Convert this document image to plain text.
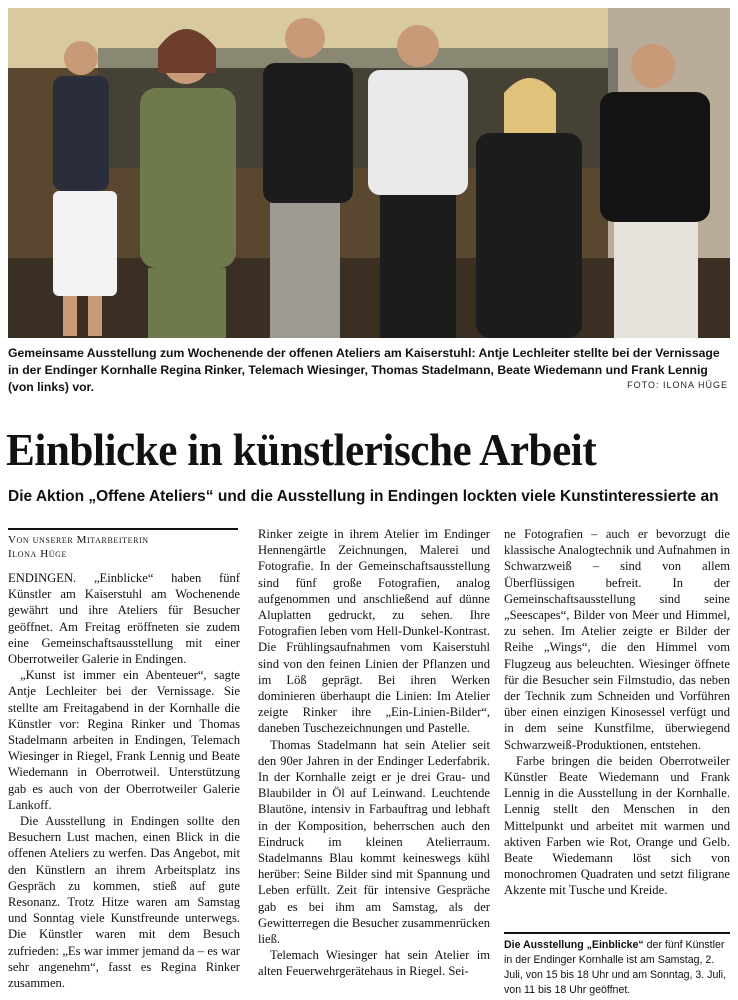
Gemeinsame Ausstellung zum Wochenende der offenen Ateliers am Kaiserstuhl: Antje Lechleiter stellte bei der Vernissage in der Endinger Kornhalle Regina Rinker, Telemach Wiesinger, Thomas Stadelmann, Beate Wiedemann und Frank Lennig (von links) vor.	FOTO: ILONA HÜGE
Einblicke in künstlerische Arbeit
Die Aktion „Offene Ateliers“ und die Ausstellung in Endingen lockten viele Kunstinteressierte an
Von unserer Mitarbeiterin
Ilona Hüge

ENDINGEN. „Einblicke“ haben fünf Künstler am Kaiserstuhl am Wochenende gewährt und ihre Ateliers für Besucher geöffnet. Am Freitag eröffneten sie zudem eine Gemeinschaftsausstellung mit einer Oberrotweiler Galerie in Endingen.

„Kunst ist immer ein Abenteuer“, sagte Antje Lechleiter bei der Vernissage. Sie stellte am Freitagabend in der Kornhalle die Künstler vor: Regina Rinker und Thomas Stadelmann arbeiten in Endingen, Telemach Wiesinger in Riegel, Frank Lennig und Beate Wiedemann in Oberrotweil. Unterstützung gab es auch von der Oberrotweiler Galerie Lankoff.

Die Ausstellung in Endingen sollte den Besuchern Lust machen, einen Blick in die offenen Ateliers zu werfen. Das Angebot, mit den Künstlern an ihrem Arbeitsplatz ins Gespräch zu kommen, stieß auf gute Resonanz. Trotz Hitze waren am Samstag und Sonntag viele Kunstfreunde unterwegs. Die Künstler waren mit dem Besuch zufrieden: „Es war immer jemand da – es war sehr angenehm“, fasst es Regina Rinker zusammen.

Rinker zeigte in ihrem Atelier im Endinger Hennengärtle Zeichnungen, Malerei und Fotografie. In der Gemeinschaftsausstellung sind fünf große Fotografien, analog aufgenommen und anschließend auf dünne Aluplatten gedruckt, zu sehen. Ihre Fotografien leben vom Hell-Dunkel-Kontrast. Die Frühlingsaufnahmen vom Kaiserstuhl sind von den feinen Linien der Pflanzen und im Löß geprägt. Bei ihren Werken dominieren überhaupt die Linien: Im Atelier zeigte Rinker ihre „Ein-Linien-Bilder“, daneben Tuschezeichnungen und Pastelle.

Thomas Stadelmann hat sein Atelier seit den 90er Jahren in der Endinger Lederfabrik. In der Kornhalle zeigt er je drei Grau- und Blaubilder in Öl auf Leinwand. Leuchtende Blautöne, intensiv in Farbauftrag und lebhaft in der Komposition, beherrschen auch den Eindruck im kleinen Atelierraum. Stadelmanns Blau kommt keineswegs kühl herüber: Seine Bilder sind mit Spannung und Leben erfüllt. Zeit für intensive Gespräche gab es bei ihm am Samstag, als der Gewitterregen die Besucher zusammenrücken ließ.

Telemach Wiesinger hat sein Atelier im alten Feuerwehrgerätehaus in Riegel. Sei-

ne Fotografien – auch er bevorzugt die klassische Analogtechnik und Aufnahmen in Schwarzweiß – sind von allem Überflüssigen befreit. In der Gemeinschaftsausstellung sind seine „Seescapes“, Bilder von Meer und Himmel, zu sehen. Im Atelier zeigte er Bilder der Reihe „Wings“, die den Himmel vom Flugzeug aus beleuchten. Wiesinger öffnete für die Besucher sein Filmstudio, das neben der Technik zum Schneiden und Vorführen über einen einzigen Kinosessel verfügt und in dem seine Kunstfilme, überwiegend Schwarzweiß-Produktionen, entstehen.

Farbe bringen die beiden Oberrotweiler Künstler Beate Wiedemann und Frank Lennig in die Ausstellung in der Kornhalle. Lennig stellt den Menschen in den Mittelpunkt und arbeitet mit warmen und aktiven Farben wie Rot, Orange und Gelb. Beate Wiedemann löst sich von monochromen Quadraten und setzt filigrane Akzente mit Tusche und Kreide.

Die Ausstellung „Einblicke“ der fünf Künstler in der Endinger Kornhalle ist am Samstag, 2. Juli, von 15 bis 18 Uhr und am Sonntag, 3. Juli, von 11 bis 18 Uhr geöffnet.
